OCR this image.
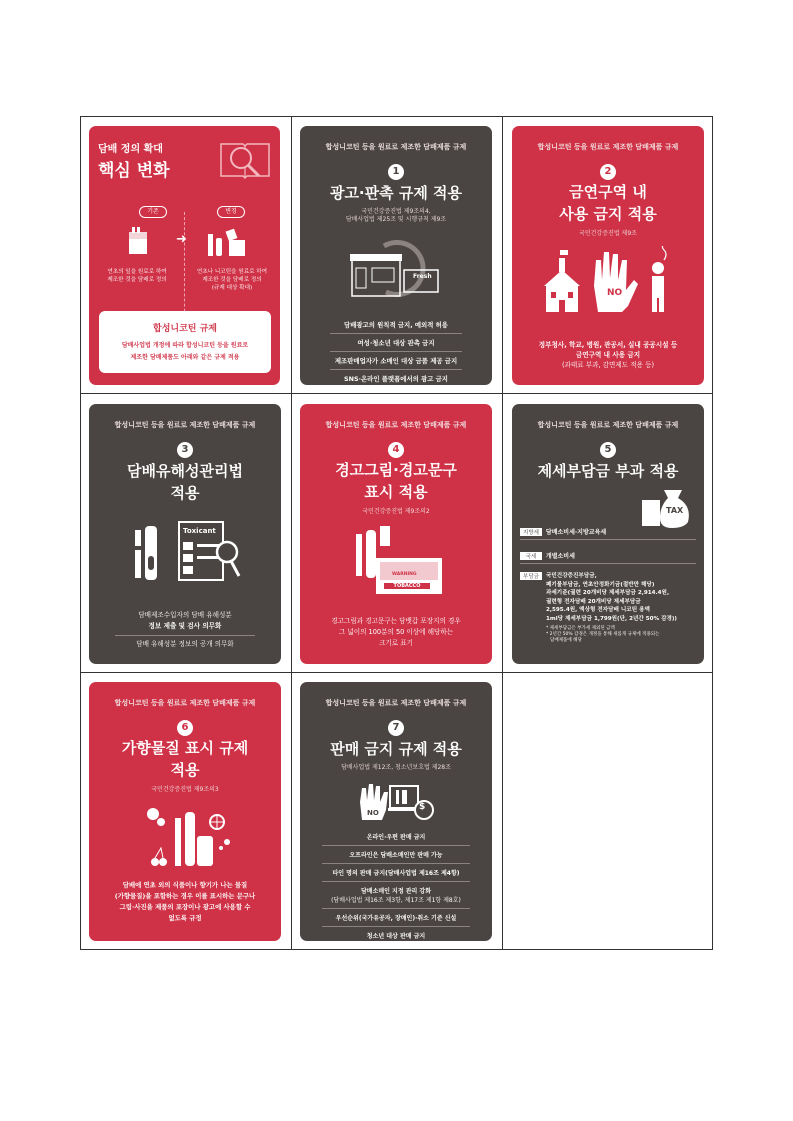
담배 정의 확대
핵심 변화
기존	변경
➜
연초의 잎을 원료로 하여
제조한 것을 담배로 정의
연초나 니코틴을 원료로 하여
제조한 것을 담배로 정의
(규제 대상 확대)
합성니코틴 규제
담배사업법 개정에 따라 합성니코틴 등을 원료로
제조한 담배제품도 아래와 같은 규제 적용
합성니코틴 등을 원료로 제조한 담배제품 규제
1
광고·판촉 규제 적용
국민건강증진법 제9조의4,
담배사업법 제25조 및 시행규칙 제9조
Fresh
담배광고의 원칙적 금지, 예외적 허용
여성·청소년 대상 판촉 금지
제조판매업자가 소매인 대상 금품 제공 금지
SNS·온라인 플랫폼에서의 광고 금지
합성니코틴 등을 원료로 제조한 담배제품 규제
2
금연구역 내
사용 금지 적용
국민건강증진법 제9조
NO
정부청사, 학교, 병원, 관공서, 실내 공공시설 등
금연구역 내 사용 금지
(과태료 부과, 감면제도 적용 등)
합성니코틴 등을 원료로 제조한 담배제품 규제
3
담배유해성관리법
적용
Toxicant
담배제조수입자의 담배 유해성분
정보 제출 및 검사 의무화
담배 유해성분 정보의 공개 의무화
합성니코틴 등을 원료로 제조한 담배제품 규제
4
경고그림·경고문구
표시 적용
국민건강증진법 제9조의2
WARNING
TOBACCO
경고그림과 경고문구는 담뱃갑 포장지의 경우
그 넓이의 100분의 50 이상에 해당하는
크기로 표기
합성니코틴 등을 원료로 제조한 담배제품 규제
5
제세부담금 부과 적용
TAX
지방세 담배소비세·지방교육세
국세 개별소비세
부담금	국민건강증진부담금,
폐기물부담금, 연초안정화기금(절반만 해당)
과세기준(궐련 20개비당 제세부담금 2,914.4원,
궐련형 전자담배 20개비당 제세부담금
2,595.4원, 액상형 전자담배 니코틴 용액
1ml당 제세부담금 1,799원(단, 2년간 50% 감경))
* 제세부담금은 부가세 제외된 금액
* 2년간 50% 감경은 개정을 통해 새롭게 규제에 적용되는
담배제품에 해당
합성니코틴 등을 원료로 제조한 담배제품 규제
6
가향물질 표시 규제
적용
국민건강증진법 제9조의3
담배에 연초 외의 식품이나 향기가 나는 물질
(가향물질)을 포함하는 경우 이를 표시하는 문구나
그림·사진을 제품의 포장이나 광고에 사용할 수
없도록 규정
합성니코틴 등을 원료로 제조한 담배제품 규제
7
판매 금지 규제 적용
담배사업법 제12조, 청소년보호법 제28조
NO
$
온라인·우편 판매 금지
오프라인은 담배소매인만 판매 가능
타인 명의 판매 금지(담배사업법 제16조 제4항)
담배소매인 지정 관리 강화
(담배사업법 제16조 제3항, 제17조 제1항 제8호)
우선순위(국가유공자, 장애인)·취소 기준 신설
청소년 대상 판매 금지
